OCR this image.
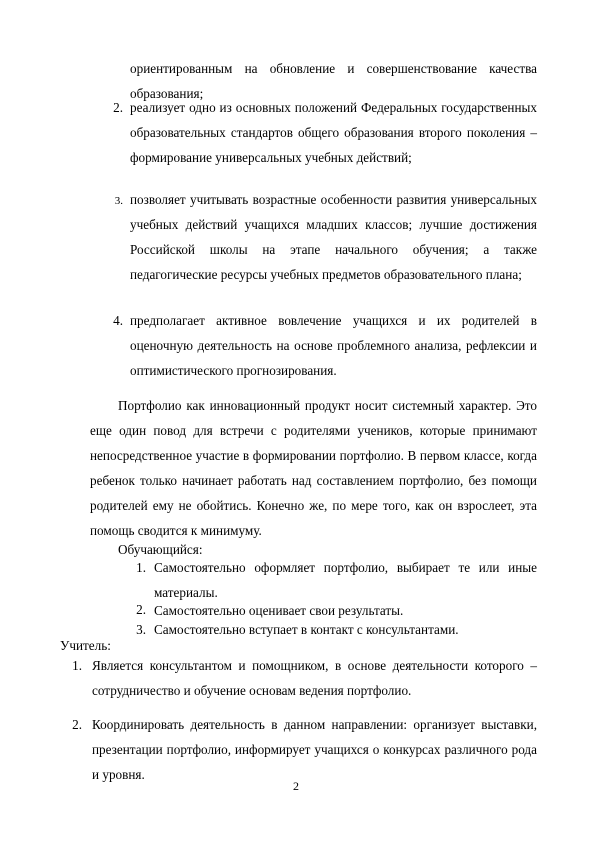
ориентированным на обновление и совершенствование качества образования;
2. реализует одно из основных положений Федеральных государственных образовательных стандартов общего образования второго поколения – формирование универсальных учебных действий;
3. позволяет учитывать возрастные особенности развития универсальных учебных действий учащихся младших классов; лучшие достижения Российской школы на этапе начального обучения; а также педагогические ресурсы учебных предметов образовательного плана;
4. предполагает активное вовлечение учащихся и их родителей в оценочную деятельность на основе проблемного анализа, рефлексии и оптимистического прогнозирования.
Портфолио как инновационный продукт носит системный характер. Это еще один повод для встречи с родителями учеников, которые принимают непосредственное участие в формировании портфолио. В первом классе, когда ребенок только начинает работать над составлением портфолио, без помощи родителей ему не обойтись. Конечно же, по мере того, как он взрослеет, эта помощь сводится к минимуму.
Обучающийся:
1. Самостоятельно оформляет портфолио, выбирает те или иные материалы.
2. Самостоятельно оценивает свои результаты.
3. Самостоятельно вступает в контакт с консультантами.
Учитель:
1. Является консультантом и помощником, в основе деятельности которого – сотрудничество и обучение основам ведения портфолио.
2. Координировать деятельность в данном направлении: организует выставки, презентации портфолио, информирует учащихся о конкурсах различного рода и уровня.
2
